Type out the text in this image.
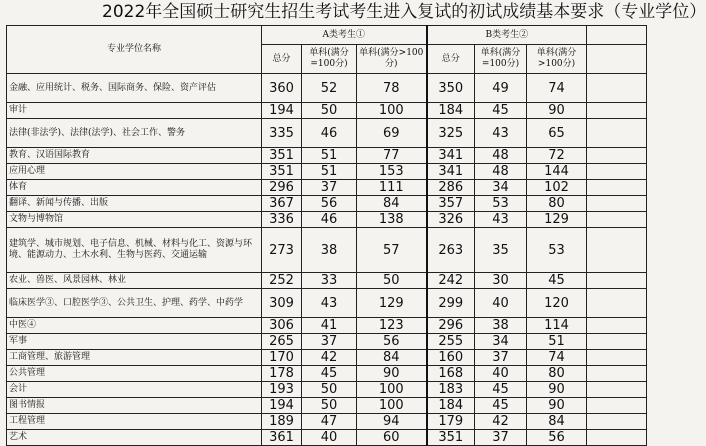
2022年全国硕士研究生招生考试考生进入复试的初试成绩基本要求（专业学位）
专业学位名称	A类考生①			B类考生②			
	总分	单科(满分=100分)	单科(满分>100分)	总分	单科(满分=100分)	单科(满分>100分)	
金融、应用统计、税务、国际商务、保险、资产评估	360	52	78	350	49	74	
审计	194	50	100	184	45	90	
法律(非法学)、法律(法学)、社会工作、警务	335	46	69	325	43	65	
教育、汉语国际教育	351	51	77	341	48	72	
应用心理	351	51	153	341	48	144	
体育	296	37	111	286	34	102	
翻译、新闻与传播、出版	367	56	84	357	53	80	
文物与博物馆	336	46	138	326	43	129	
建筑学、城市规划、电子信息、机械、材料与化工、资源与环境、能源动力、土木水利、生物与医药、交通运输	273	38	57	263	35	53	
农业、兽医、风景园林、林业	252	33	50	242	30	45	
临床医学③、口腔医学③、公共卫生、护理、药学、中药学	309	43	129	299	40	120	
中医④	306	41	123	296	38	114	
军事	265	37	56	255	34	51	
工商管理、旅游管理	170	42	84	160	37	74	
公共管理	178	45	90	168	40	80	
会计	193	50	100	183	45	90	
图书情报	194	50	100	184	45	90	
工程管理	189	47	94	179	42	84	
艺术	361	40	60	351	37	56	
